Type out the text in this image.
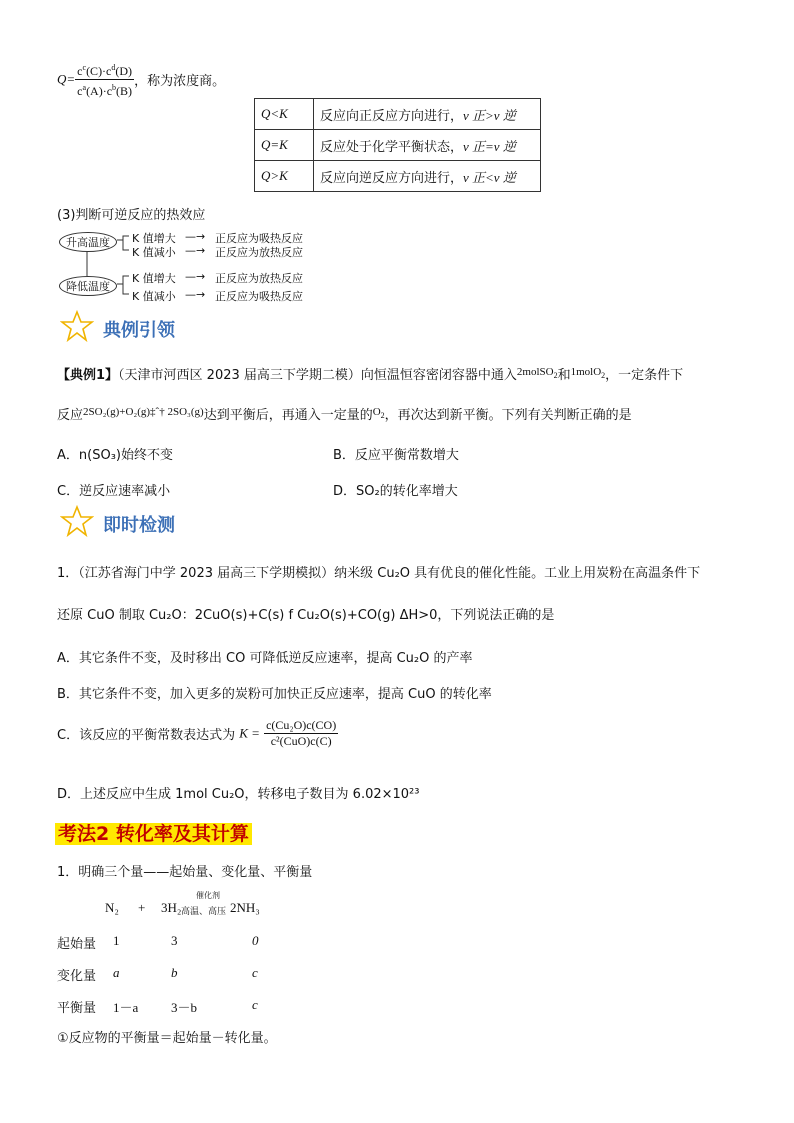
$Q= \frac{c^c(C)\cdot c^d(D)}{c^a(A)\cdot c^b(B)}$ ，称为浓度商。
Q<K	反应向正反应方向进行，v 正>v 逆
Q=K	反应处于化学平衡状态，v 正=v 逆
Q>K	反应向逆反应方向进行，v 正<v 逆
(3)判断可逆反应的热效应
升高温度
降低温度
K 值增大 —→ 正反应为吸热反应
K 值减小 —→ 正反应为放热反应
K 值增大 —→ 正反应为放热反应
K 值减小 —→ 正反应为吸热反应
典例引领
【典例1】（天津市河西区 2023 届高三下学期二模）向恒温恒容密闭容器中通入$^{2molSO_2}$和$^{1molO_2}$，一定条件下
反应$^{2SO_2(g)+O_2(g)\ddagger ˆ\dagger 2SO_3(g)}$达到平衡后，再通入一定量的$^{O_2}$，再次达到新平衡。下列有关判断正确的是
A．n(SO₃)始终不变	B．反应平衡常数增大
C．逆反应速率减小	D．SO₂的转化率增大
即时检测
1．（江苏省海门中学 2023 届高三下学期模拟）纳米级 Cu₂O 具有优良的催化性能。工业上用炭粉在高温条件下
还原 CuO 制取 Cu₂O：2CuO(s)+C(s) f Cu₂O(s)+CO(g) ΔH>0，下列说法正确的是
A．其它条件不变，及时移出 CO 可降低逆反应速率，提高 Cu₂O 的产率
B．其它条件不变，加入更多的炭粉可加快正反应速率，提高 CuO 的转化率
C．该反应的平衡常数表达式为 $K = \frac{\text{c(Cu₂O)c(CO)}}{\text{c²(CuO)c(C)}}$
D．上述反应中生成 1mol Cu₂O，转移电子数目为 6.02×10²³
考法2 转化率及其计算
1．明确三个量——起始量、变化量、平衡量
N₂ + 3H₂
催化剂
高温、高压 2NH₃
起始量 1	3	0
变化量 a	b	c
平衡量 1－a	3－b	c
①反应物的平衡量＝起始量－转化量。
